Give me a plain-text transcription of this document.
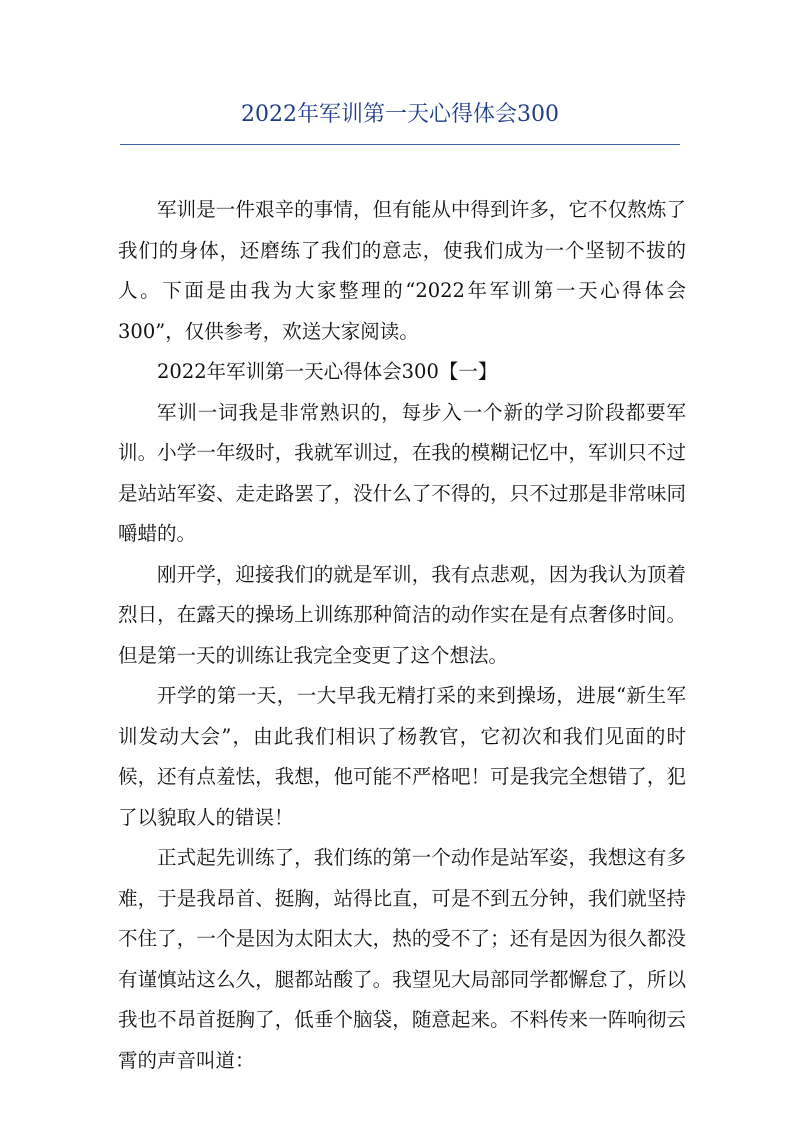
2022年军训第一天心得体会300

军训是一件艰辛的事情，但有能从中得到许多，它不仅熬炼了我们的身体，还磨练了我们的意志，使我们成为一个坚韧不拔的人。下面是由我为大家整理的“2022年军训第一天心得体会300”，仅供参考，欢送大家阅读。

2022年军训第一天心得体会300【一】

军训一词我是非常熟识的，每步入一个新的学习阶段都要军训。小学一年级时，我就军训过，在我的模糊记忆中，军训只不过是站站军姿、走走路罢了，没什么了不得的，只不过那是非常味同嚼蜡的。

刚开学，迎接我们的就是军训，我有点悲观，因为我认为顶着烈日，在露天的操场上训练那种简洁的动作实在是有点奢侈时间。但是第一天的训练让我完全变更了这个想法。

开学的第一天，一大早我无精打采的来到操场，进展“新生军训发动大会”，由此我们相识了杨教官，它初次和我们见面的时候，还有点羞怯，我想，他可能不严格吧！可是我完全想错了，犯了以貌取人的错误！

正式起先训练了，我们练的第一个动作是站军姿，我想这有多难，于是我昂首、挺胸，站得比直，可是不到五分钟，我们就坚持不住了，一个是因为太阳太大，热的受不了；还有是因为很久都没有谨慎站这么久，腿都站酸了。我望见大局部同学都懈怠了，所以我也不昂首挺胸了，低垂个脑袋，随意起来。不料传来一阵响彻云霄的声音叫道：
